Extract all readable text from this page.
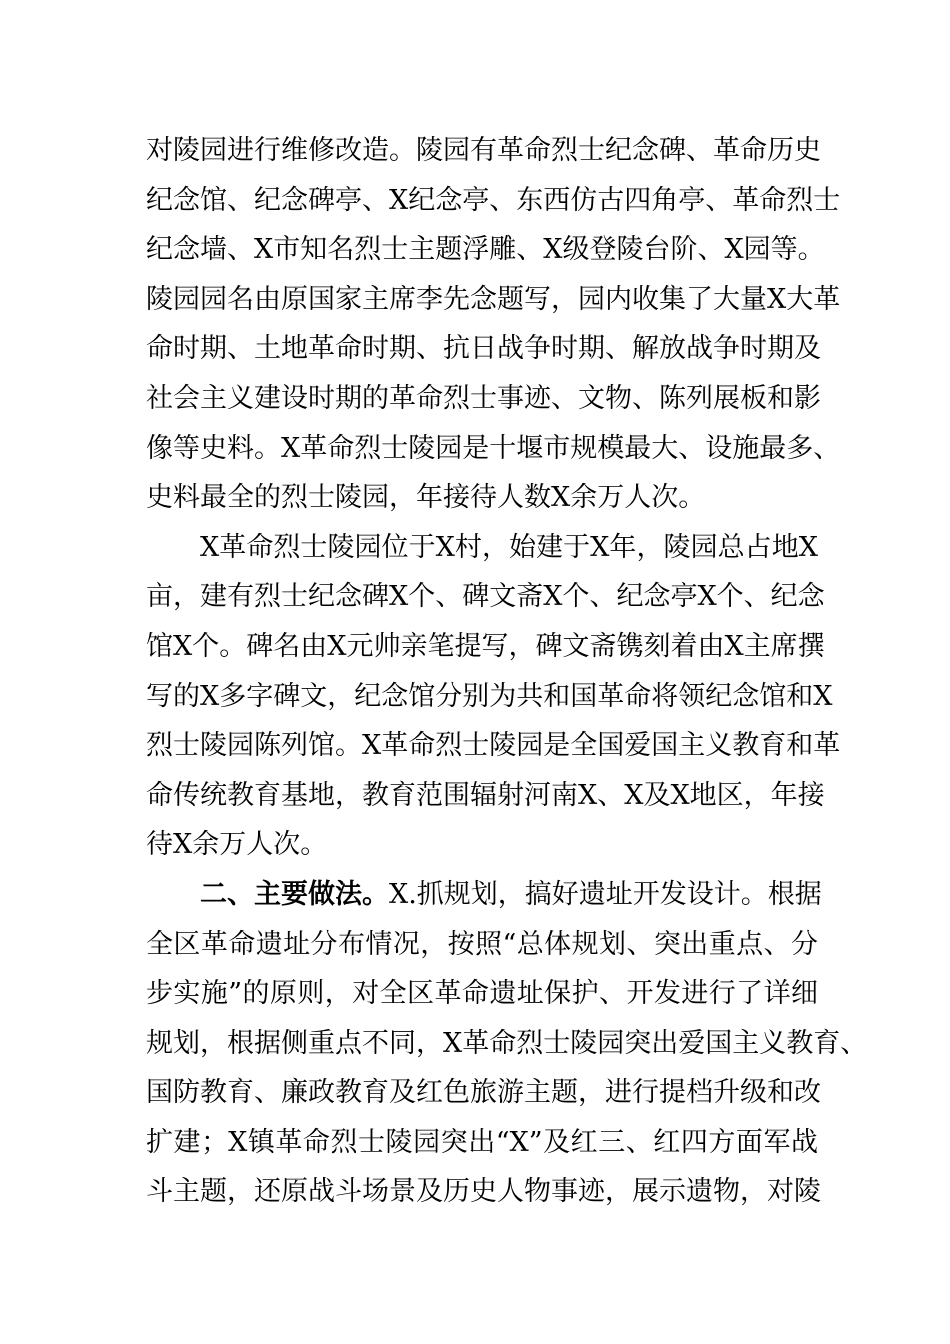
对陵园进行维修改造。陵园有革命烈士纪念碑、革命历史
纪念馆、纪念碑亭、X纪念亭、东西仿古四角亭、革命烈士
纪念墙、X市知名烈士主题浮雕、X级登陵台阶、X园等。
陵园园名由原国家主席李先念题写，园内收集了大量X大革
命时期、土地革命时期、抗日战争时期、解放战争时期及
社会主义建设时期的革命烈士事迹、文物、陈列展板和影
像等史料。X革命烈士陵园是十堰市规模最大、设施最多、
史料最全的烈士陵园，年接待人数X余万人次。
X革命烈士陵园位于X村，始建于X年，陵园总占地X
亩，建有烈士纪念碑X个、碑文斋X个、纪念亭X个、纪念
馆X个。碑名由X元帅亲笔提写，碑文斋镌刻着由X主席撰
写的X多字碑文，纪念馆分别为共和国革命将领纪念馆和X
烈士陵园陈列馆。X革命烈士陵园是全国爱国主义教育和革
命传统教育基地，教育范围辐射河南X、X及X地区，年接
待X余万人次。
二、主要做法。X.抓规划，搞好遗址开发设计。根据
全区革命遗址分布情况，按照“总体规划、突出重点、分
步实施”的原则，对全区革命遗址保护、开发进行了详细
规划，根据侧重点不同，X革命烈士陵园突出爱国主义教育、
国防教育、廉政教育及红色旅游主题，进行提档升级和改
扩建；X镇革命烈士陵园突出“X”及红三、红四方面军战
斗主题，还原战斗场景及历史人物事迹，展示遗物，对陵
